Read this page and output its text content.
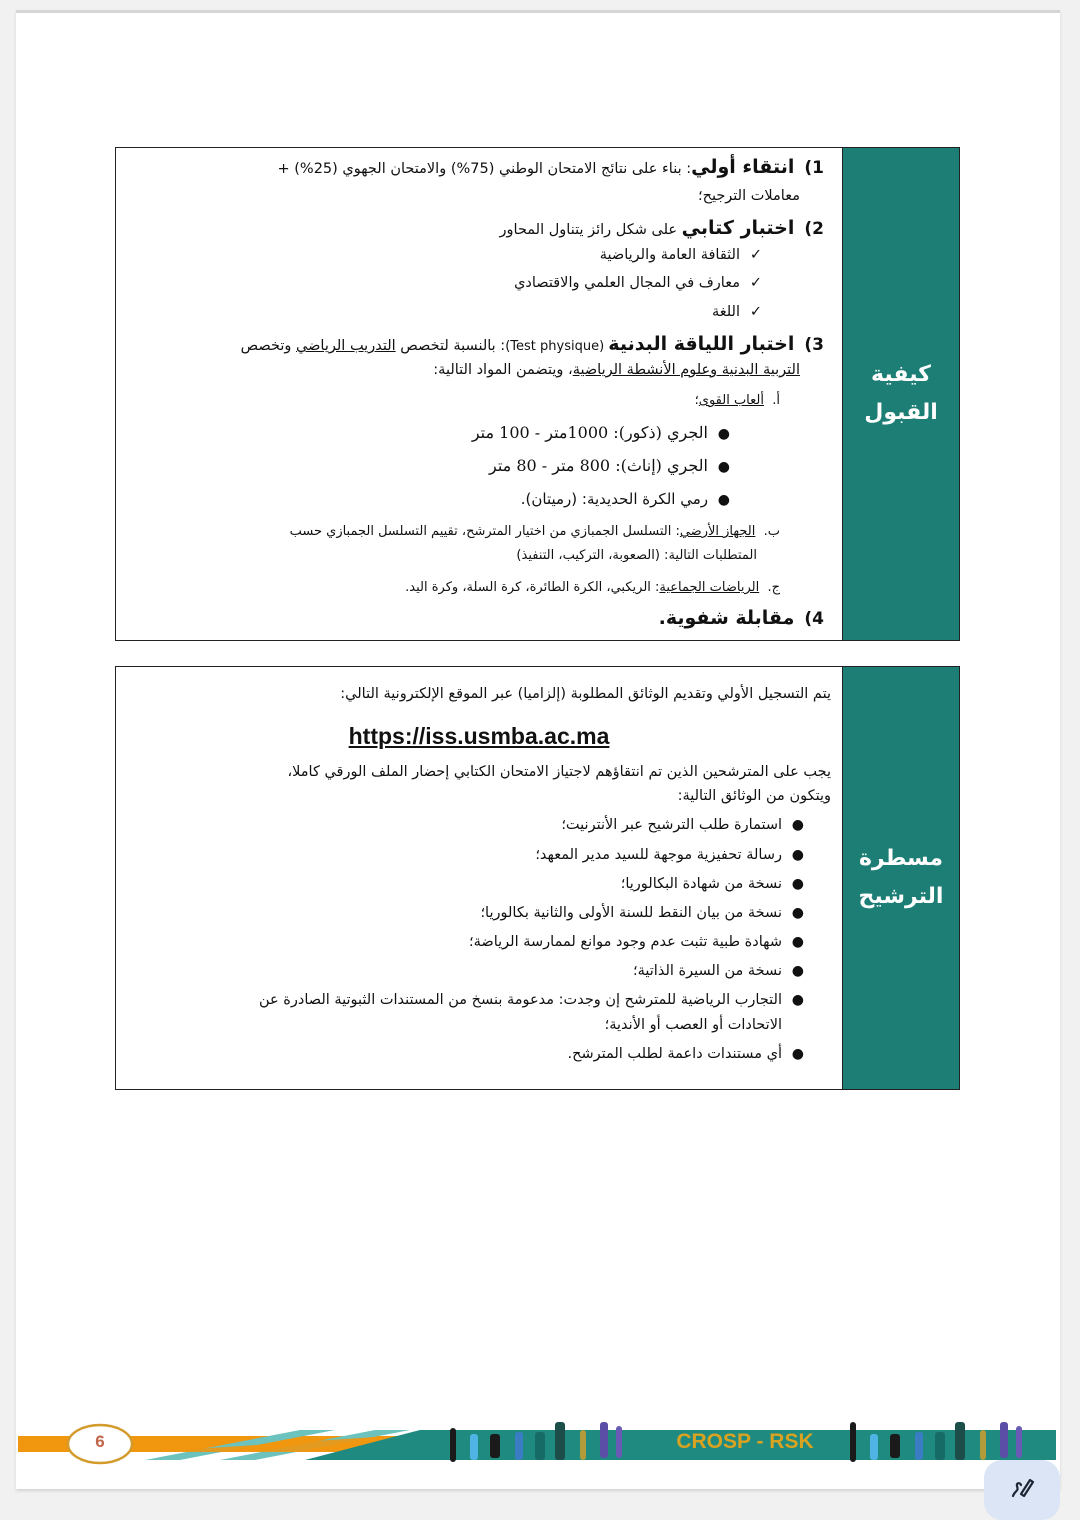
كيفية
القبول
1)انتقاء أولي: بناء على نتائج الامتحان الوطني (75%) والامتحان الجهوي (25%) +
معاملات الترجيح؛
2)اختبار كتابي على شكل رائز يتناول المحاور
✓الثقافة العامة والرياضية
✓معارف في المجال العلمي والاقتصادي
✓اللغة
3)اختبار اللياقة البدنية (Test physique): بالنسبة لتخصص التدريب الرياضي وتخصص
التربية البدنية وعلوم الأنشطة الرياضية، ويتضمن المواد التالية:
أ.  ألعاب القوى؛
●الجري (ذكور): 1000متر - 100 متر
●الجري (إناث): 800 متر - 80 متر
●رمي الكرة الحديدية: (رميتان).
ب.  الجهاز الأرضي: التسلسل الجمبازي من اختيار المترشح، تقييم التسلسل الجمبازي حسب
المتطلبات التالية: (الصعوبة، التركيب، التنفيذ)
ج.  الرياضات الجماعية: الريكبي، الكرة الطائرة، كرة السلة، وكرة اليد.
4)مقابلة شفوية.
مسطرة
الترشيح
يتم التسجيل الأولي وتقديم الوثائق المطلوبة (إلزاميا) عبر الموقع الإلكترونية التالي:
https://iss.usmba.ac.ma
يجب على المترشحين الذين تم انتقاؤهم لاجتياز الامتحان الكتابي إحضار الملف الورقي كاملا،
ويتكون من الوثائق التالية:
●استمارة طلب الترشيح عبر الأنترنيت؛
●رسالة تحفيزية موجهة للسيد مدير المعهد؛
●نسخة من شهادة البكالوريا؛
●نسخة من بيان النقط للسنة الأولى والثانية بكالوريا؛
●شهادة طبية تثبت عدم وجود موانع لممارسة الرياضة؛
●نسخة من السيرة الذاتية؛
●التجارب الرياضية للمترشح إن وجدت: مدعومة بنسخ من المستندات الثبوتية الصادرة عن
الاتحادات أو العصب أو الأندية؛
●أي مستندات داعمة لطلب المترشح.
6	CROSP - RSK
